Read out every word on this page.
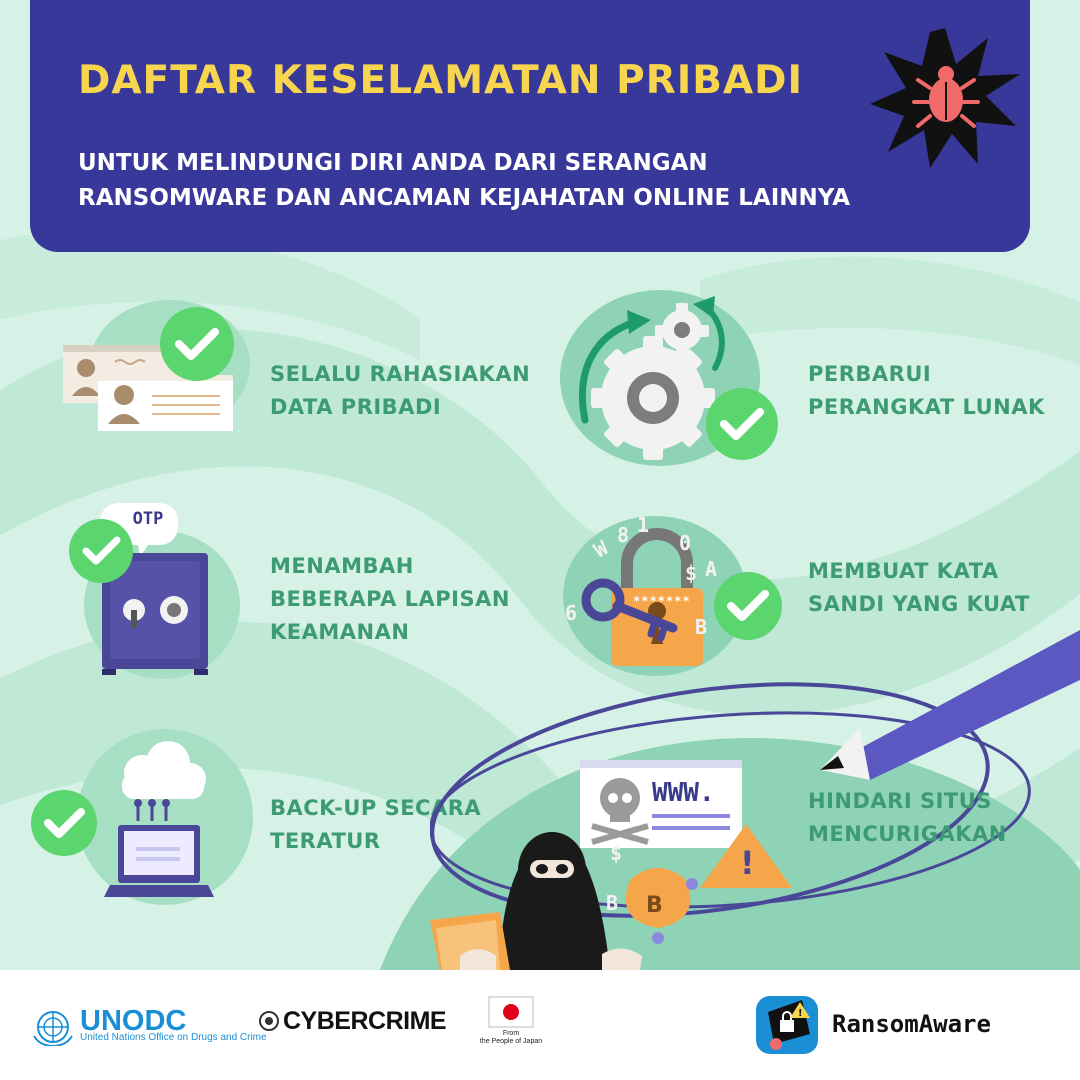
DAFTAR KESELAMATAN PRIBADI
UNTUK MELINDUNGI DIRI ANDA DARI SERANGAN
RANSOMWARE DAN ANCAMAN KEJAHATAN ONLINE LAINNYA
SELALU RAHASIAKAN
DATA PRIBADI
PERBARUI
PERANGKAT LUNAK
OTP
MENAMBAH
BEBERAPA LAPISAN
KEAMANAN
W
8 1
0
$ A
6
B
*******
MEMBUAT KATA
SANDI YANG KUAT
BACK-UP SECARA
TERATUR
!
B
B
$
WWW.	HINDARI SITUS
MENCURIGAKAN
UNODC
United Nations Office on Drugs and Crime
CYBERCRIME	From
the People of Japan
! RansomAware
